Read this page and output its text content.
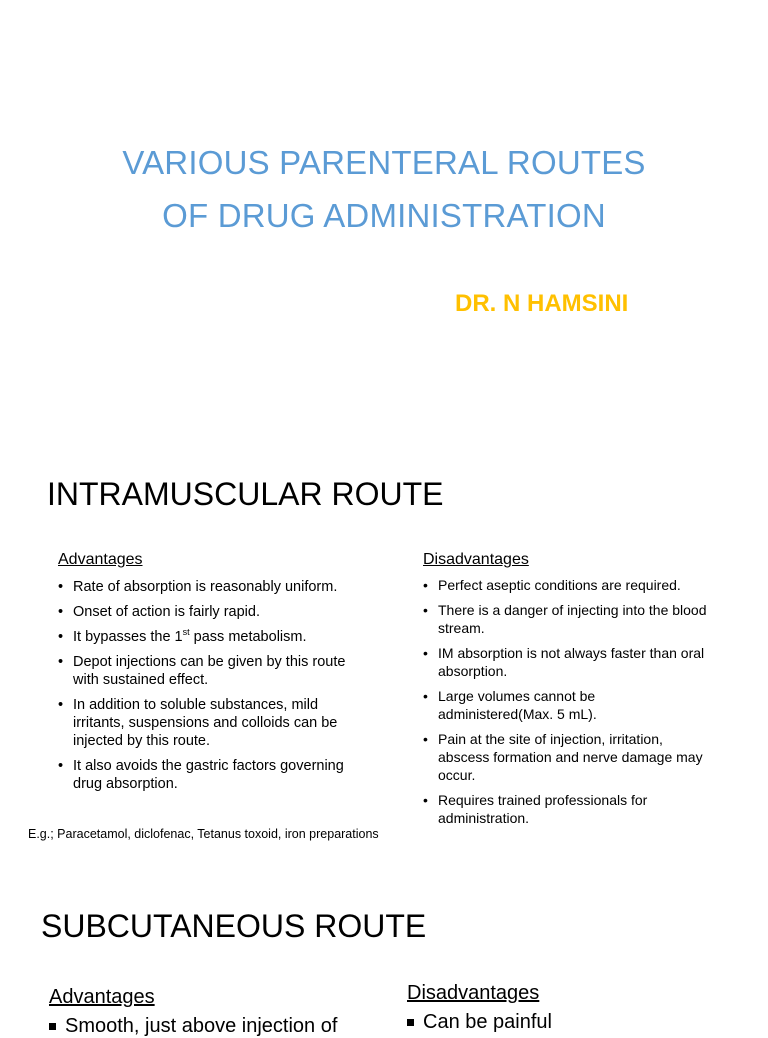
VARIOUS PARENTERAL ROUTES
OF DRUG ADMINISTRATION
DR. N HAMSINI
INTRAMUSCULAR ROUTE
Advantages
• Rate of absorption is reasonably uniform.
• Onset of action is fairly rapid.
• It bypasses the 1st pass metabolism.
• Depot injections can be given by this route with sustained effect.
• In addition to soluble substances, mild irritants, suspensions and colloids can be injected by this route.
• It also avoids the gastric factors governing drug absorption.
Disadvantages
• Perfect aseptic conditions are required.
• There is a danger of injecting into the blood stream.
• IM absorption is not always faster than oral absorption.
• Large volumes cannot be administered(Max. 5 mL).
• Pain at the site of injection, irritation, abscess formation and nerve damage may occur.
• Requires trained professionals for administration.
E.g.; Paracetamol, diclofenac, Tetanus toxoid, iron preparations
SUBCUTANEOUS ROUTE
Advantages
Smooth, just above injection of
Disadvantages
Can be painful
